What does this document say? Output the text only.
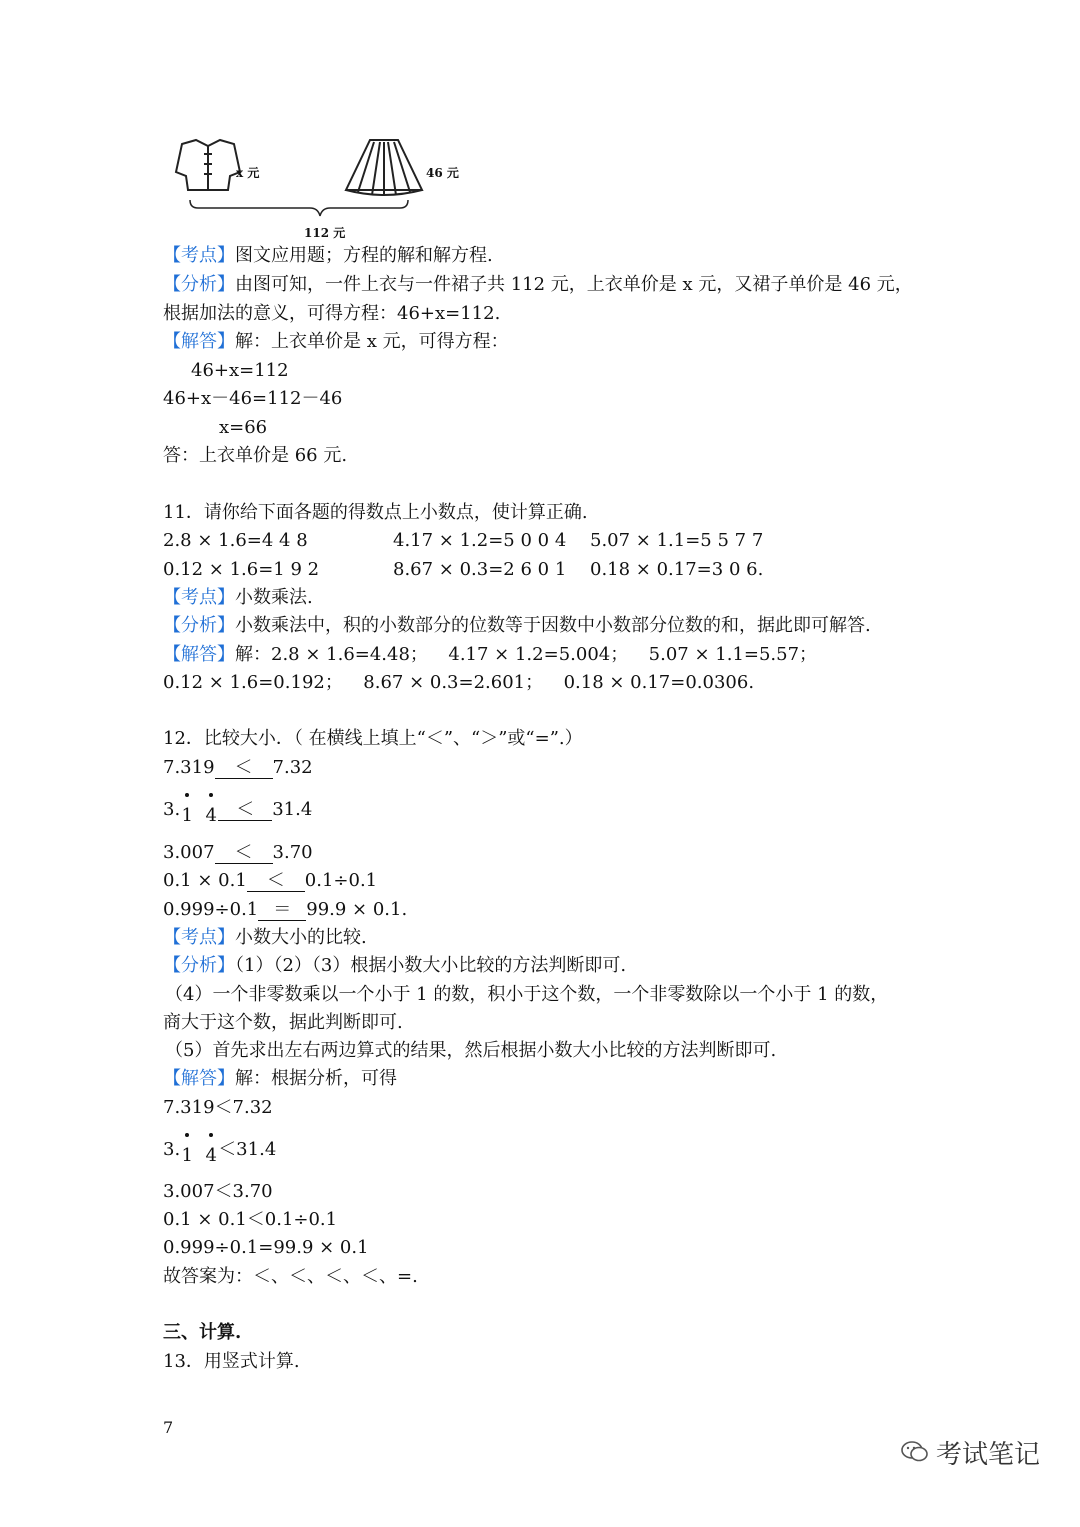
x 元	46 元
112 元
【考点】图文应用题；方程的解和解方程.
【分析】由图可知，一件上衣与一件裙子共 112 元，上衣单价是 x 元，又裙子单价是 46 元，
根据加法的意义，可得方程：46+x=112.
【解答】解：上衣单价是 x 元，可得方程：
46+x=112
46+x－46=112－46
x=66
答：上衣单价是 66 元.
11．请你给下面各题的得数点上小数点，使计算正确.
2.8 × 1.6=4 4 8	4.17 × 1.2=5 0 0 4 5.07 × 1.1=5 5 7 7
0.12 × 1.6=1 9 2	8.67 × 0.3=2 6 0 1 0.18 × 0.17=3 0 6.
【考点】小数乘法.
【分析】小数乘法中，积的小数部分的位数等于因数中小数部分位数的和，据此即可解答.
【解答】解：2.8 × 1.6=4.48；　  4.17 × 1.2=5.004；　  5.07 × 1.1=5.57；
0.12 × 1.6=0.192；　  8.67 × 0.3=2.601；　  0.18 × 0.17=0.0306.
12．比较大小．（ 在横线上填上“＜”、“＞”或“=”.）
7.319 ＜ 7.32
3.1 4 ＜ 31.4
3.007 ＜ 3.70
0.1 × 0.1 ＜ 0.1÷0.1
0.999÷0.1 ＝ 99.9 × 0.1.
【考点】小数大小的比较.
【分析】（1）（2）（3）根据小数大小比较的方法判断即可.
（4）一个非零数乘以一个小于 1 的数，积小于这个数，一个非零数除以一个小于 1 的数，
商大于这个数，据此判断即可.
（5）首先求出左右两边算式的结果，然后根据小数大小比较的方法判断即可.
【解答】解：根据分析，可得
7.319＜7.32
3.1 4＜31.4
3.007＜3.70
0.1 × 0.1＜0.1÷0.1
0.999÷0.1=99.9 × 0.1
故答案为：＜、＜、＜、＜、=.
三、计算.
13．用竖式计算.
7
考试笔记
